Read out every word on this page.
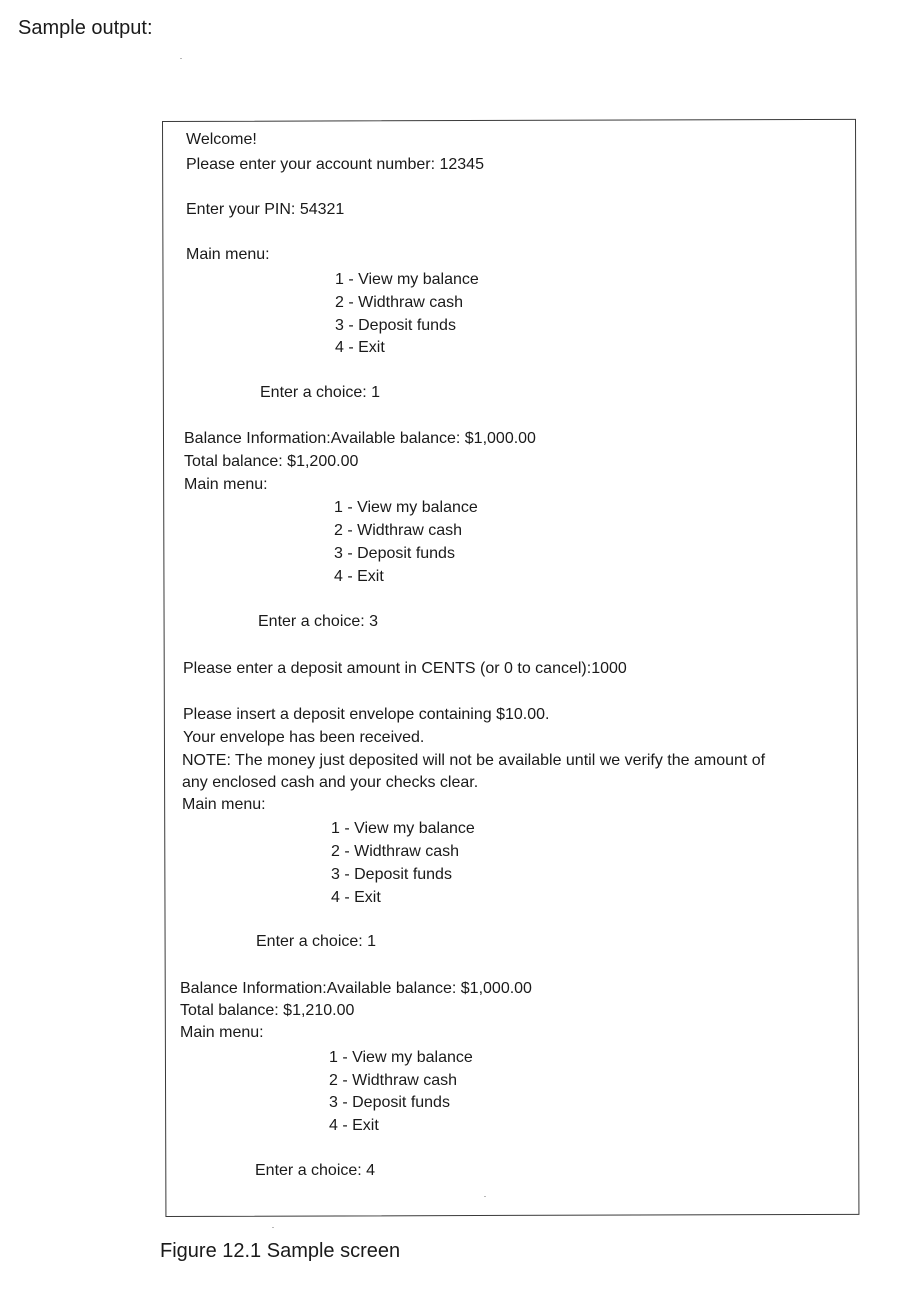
Sample output:
Welcome!
Please enter your account number: 12345
Enter your PIN: 54321
Main menu:
1 - View my balance
2 - Widthraw cash
3 - Deposit funds
4 - Exit
Enter a choice: 1
Balance Information:Available balance: $1,000.00
Total balance: $1,200.00
Main menu:
1 - View my balance
2 - Widthraw cash
3 - Deposit funds
4 - Exit
Enter a choice: 3
Please enter a deposit amount in CENTS (or 0 to cancel):1000
Please insert a deposit envelope containing $10.00.
Your envelope has been received.
NOTE: The money just deposited will not be available until we verify the amount of
any enclosed cash and your checks clear.
Main menu:
1 - View my balance
2 - Widthraw cash
3 - Deposit funds
4 - Exit
Enter a choice: 1
Balance Information:Available balance: $1,000.00
Total balance: $1,210.00
Main menu:
1 - View my balance
2 - Widthraw cash
3 - Deposit funds
4 - Exit
Enter a choice: 4
Figure 12.1 Sample screen
